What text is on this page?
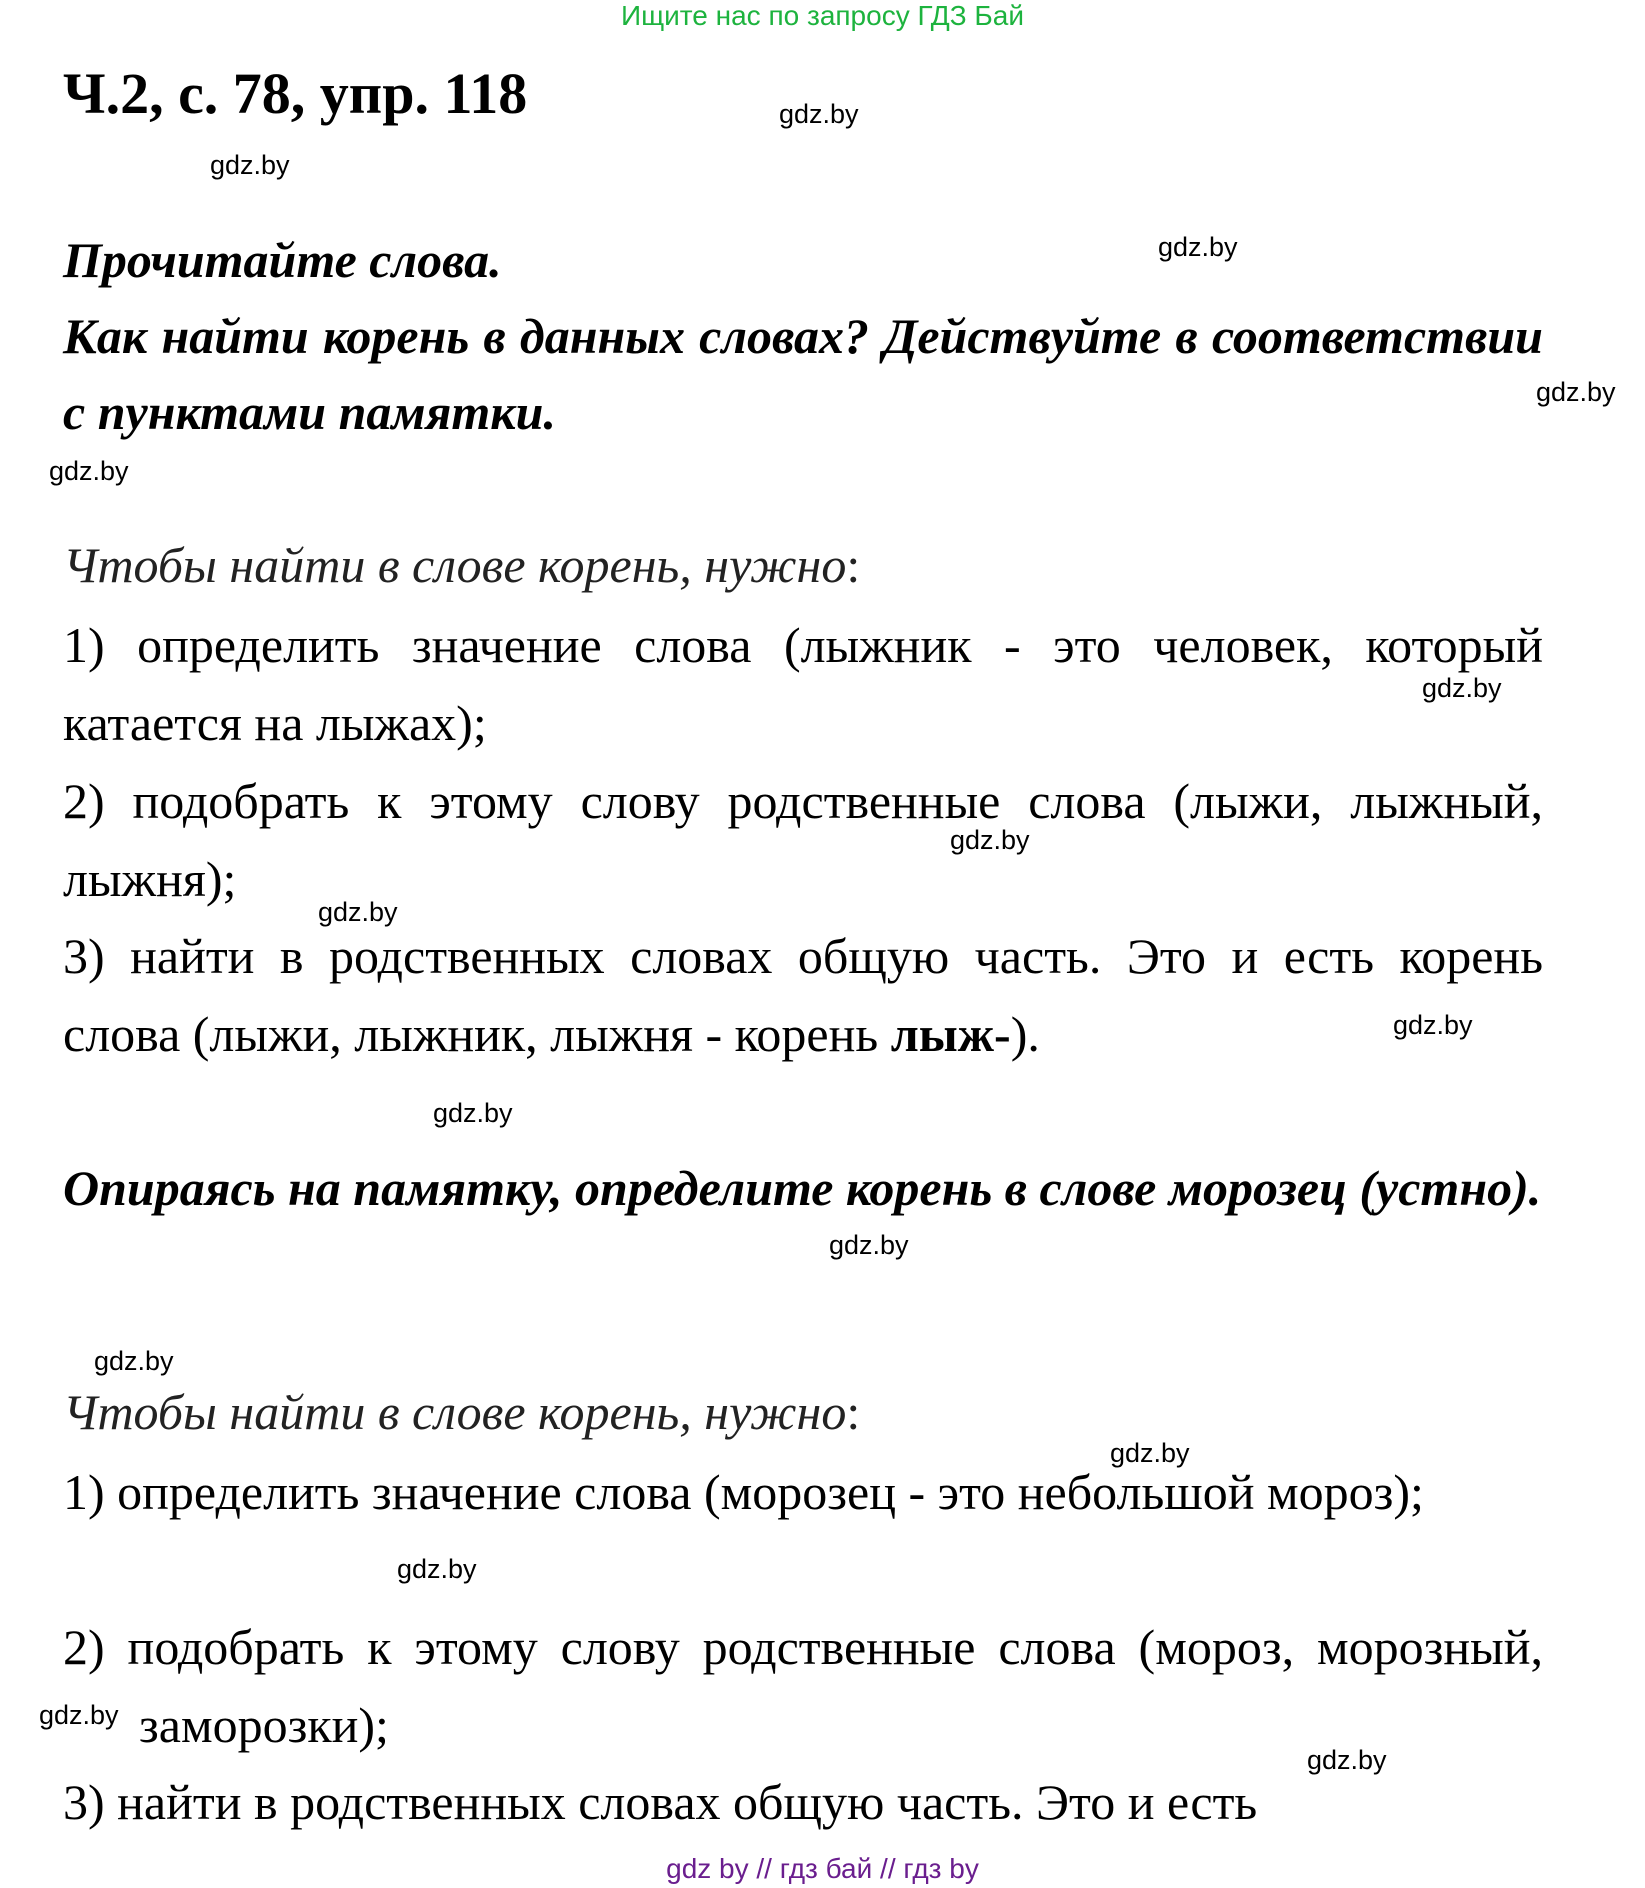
Ищите нас по запросу ГДЗ Бай
Ч.2, с. 78, упр. 118
Прочитайте слова.
Как найти корень в данных словах? Действуйте в соответствии с пунктами памятки.
Чтобы найти в слове корень, нужно:
1) определить значение слова (лыжник - это человек, который катается на лыжах);
2) подобрать к этому слову родственные слова (лыжи, лыжный, лыжня);
3) найти в родственных словах общую часть. Это и есть корень слова (лыжи, лыжник, лыжня - корень лыж-).
Опираясь на памятку, определите корень в слове морозец (устно).
Чтобы найти в слове корень, нужно:
1) определить значение слова (морозец - это небольшой мороз);
2) подобрать к этому слову родственные слова (мороз, морозный, заморозки);
3) найти в родственных словах общую часть. Это и есть
gdz.by
gdz.by
gdz.by
gdz.by
gdz.by
gdz.by
gdz.by
gdz.by
gdz.by
gdz.by
gdz.by
gdz.by
gdz.by
gdz.by
gdz.by
gdz.by
gdz by // гдз бай // гдз by
